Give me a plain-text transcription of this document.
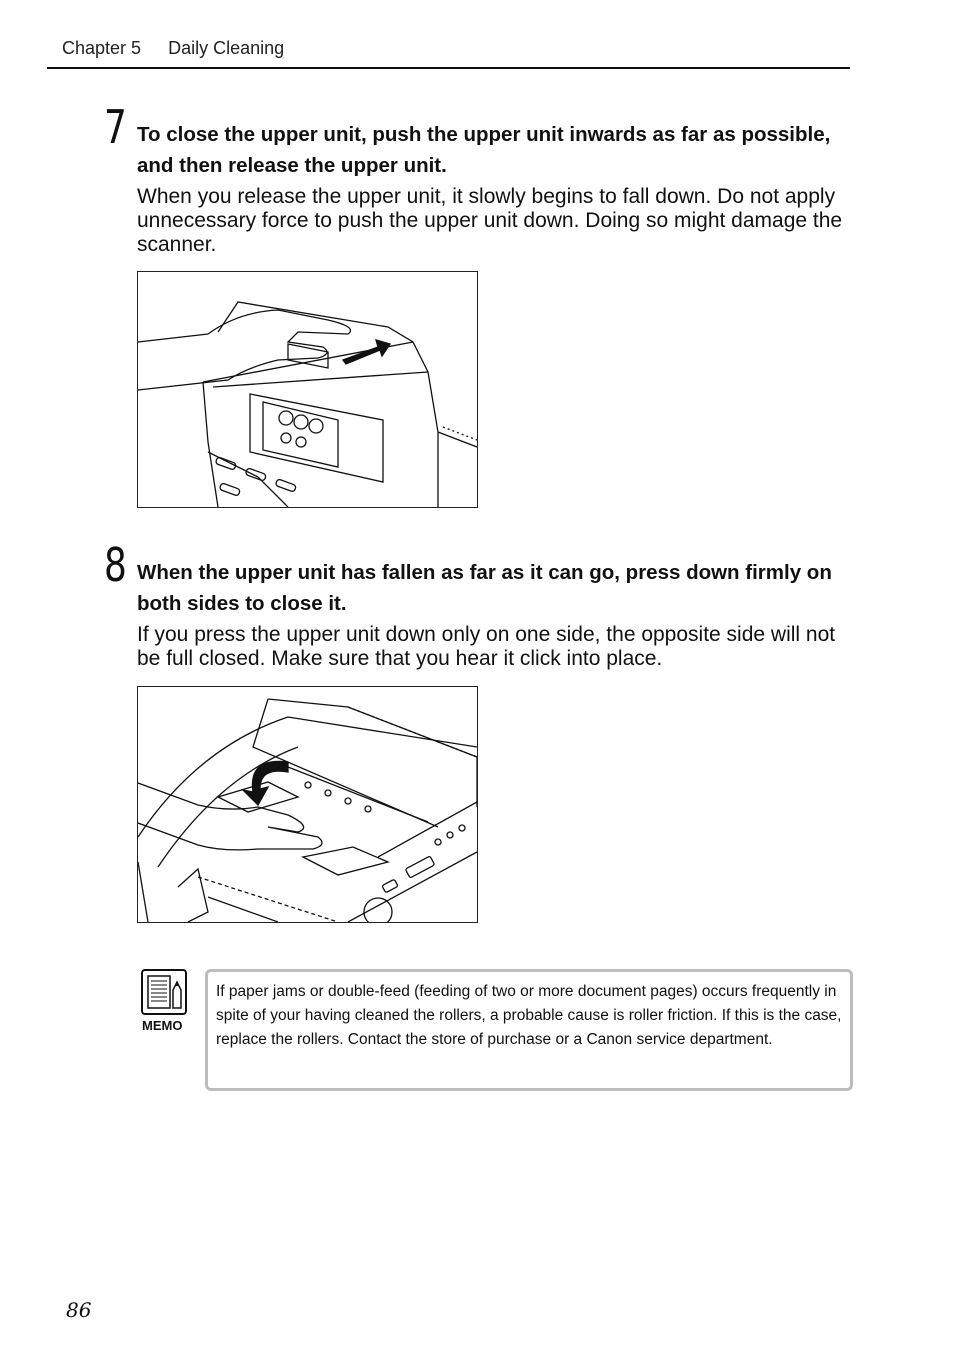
Chapter 5 Daily Cleaning
7 To close the upper unit, push the upper unit inwards as far as possible, and then release the upper unit.
When you release the upper unit, it slowly begins to fall down. Do not apply unnecessary force to push the upper unit down. Doing so might damage the scanner.
8 When the upper unit has fallen as far as it can go, press down firmly on both sides to close it.
If you press the upper unit down only on one side, the opposite side will not be full closed. Make sure that you hear it click into place.
MEMO

If paper jams or double-feed (feeding of two or more document pages) occurs frequently in spite of your having cleaned the rollers, a probable cause is roller friction. If this is the case, replace the rollers. Contact the store of purchase or a Canon service department.

86
